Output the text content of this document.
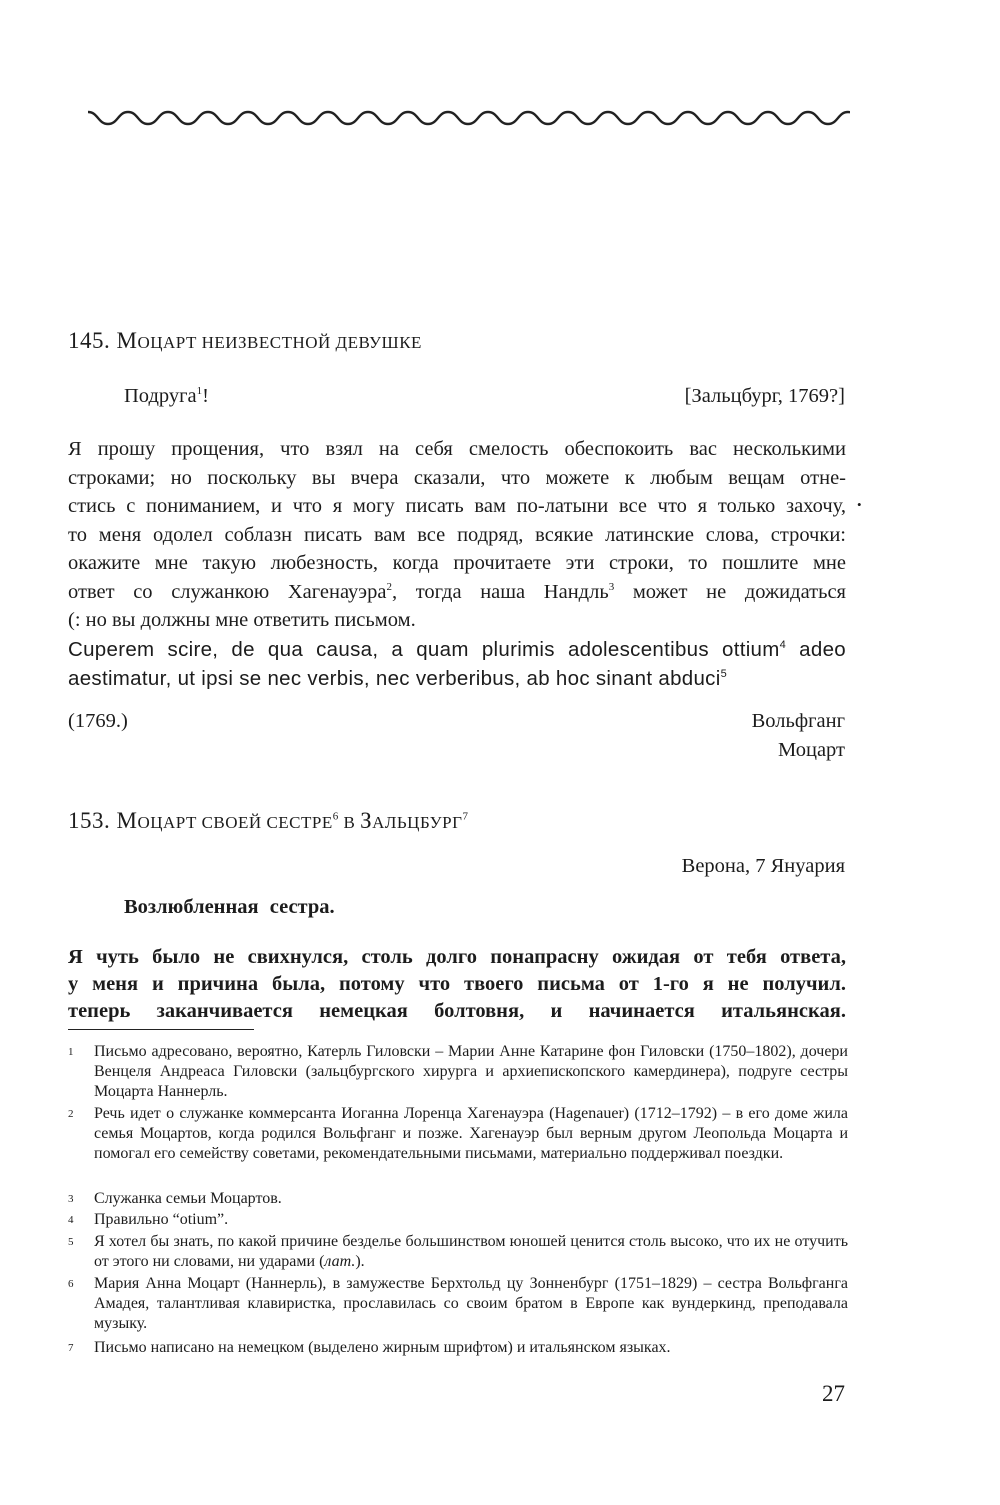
145. МОЦАРТ НЕИЗВЕСТНОЙ ДЕВУШКЕ
Подруга$^1$!	[Зальцбург, 1769?]
Я прошу прощения, что взял на себя смелость обеспокоить вас несколькими
строками; но поскольку вы вчера сказали, что можете к любым вещам отне-
стись с пониманием, и что я могу писать вам по-латыни все что я только захочу,
то меня одолел соблазн писать вам все подряд, всякие латинские слова, строчки:
окажите мне такую любезность, когда прочитаете эти строки, то пошлите мне
ответ со служанкою Хагенауэра$^2$, тогда наша Нандль$^3$ может не дожидаться
(: но вы должны мне ответить письмом.
•
Cuperem scire, de qua causa, a quam plurimis adolescentibus ottium$^4$ adeo
aestimatur, ut ipsi se nec verbis, nec verberibus, ab hoc sinant abduci$^5$
(1769.)	Вольфганг
Моцарт
153. МОЦАРТ СВОЕЙ СЕСТРЕ$^6$ В ЗАЛЬЦБУРГ$^7$
Верона, 7 Януария
Возлюбленная сестра.
Я чуть было не свихнулся, столь долго понапрасну ожидая от тебя ответа,
у меня и причина была, потому что твоего письма от 1-го я не получил.
теперь заканчивается немецкая болтовня, и начинается итальянская.
1 Письмо адресовано, вероятно, Катерль Гиловски – Марии Анне Катарине фон Гиловски (1750–1802), дочери Венцеля Андреаса Гиловски (зальцбургского хирурга и архиепископского камердинера), подруге сестры Моцарта Наннерль.
2 Речь идет о служанке коммерсанта Иоганна Лоренца Хагенауэра (Hagenauer) (1712–1792) – в его доме жила семья Моцартов, когда родился Вольфганг и позже. Хагенауэр был верным другом Леопольда Моцарта и помогал его семейству советами, рекомендательными письмами, материально поддерживал поездки.
3 Служанка семьи Моцартов.
4 Правильно “otium”.
5 Я хотел бы знать, по какой причине безделье большинством юношей ценится столь высоко, что их не отучить от этого ни словами, ни ударами (лат.).
6 Мария Анна Моцарт (Наннерль), в замужестве Берхтольд цу Зонненбург (1751–1829) – сестра Вольфганга Амадея, талантливая клавиристка, прославилась со своим братом в Европе как вундеркинд, преподавала музыку.
7 Письмо написано на немецком (выделено жирным шрифтом) и итальянском языках.
27
